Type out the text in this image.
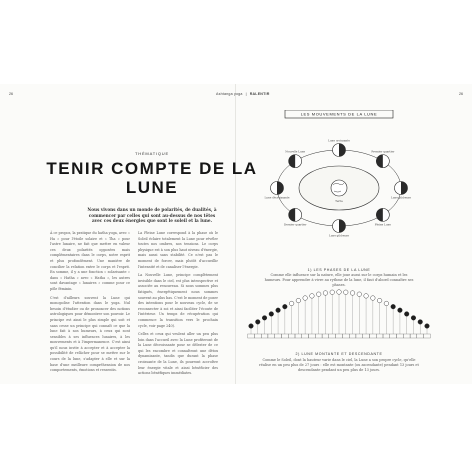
26	Ashtanga yoga | RALENTIR	26
THÉMATIQUE
TENIR COMPTE DE LA LUNE
Nous vivons dans un monde de polarités, de dualités, à commencer par celles qui sont au-dessus de nos têtes avec ces deux énergies que sont le soleil et la lune.

À ce propos, la pratique du hatha yoga, avec « Ha » pour l'étoile solaire et « Tha » pour l'astre lunaire, ne fait que mettre en valeur ces deux polarités opposées mais complémentaires dans le corps, notre esprit et plus profondément. Une manière de concilier la relation entre le corps et l'esprit. En somme, il y a une fonction « solarisante » dans « Hatha » avec « Hatha », les autres sont davantage « lunaires » comme pour ce pôle féminin.

C'est d'ailleurs souvent la Lune qui monopolise l'attention dans le yoga. Nul besoin d'étudier ou de prononcer des notions astrologiques pour démontrer son pouvoir. Le principe est ainsi le plus simple qui soit et sans cesse un principe qui connaît ce que la lune fait à nos humeurs, à ceux qui sont sensibles à ses influences lunaires, à les mouvements et à l'impermanence. C'est ainsi qu'il nous invite à accepter et à accepter la possibilité de relâcher pour se mettre sur le cours de la lune, s'adapter à elle et sur la base d'une meilleure compréhension de nos comportements, émotions et ressentis.

La Pleine Lune correspond à la phase où le Soleil éclaire totalement la Lune pour révéler toutes nos ombres, nos tensions. Le corps physique est à son plus haut niveau d'énergie, mais aussi sans stabilité. Ce n'est pas le moment de forcer, mais plutôt d'accueillir l'intensité et de canaliser l'énergie.

La Nouvelle Lune, principe complètement invisible dans le ciel, est plus introspective et associée au renouveau. Si nous sommes plus fatigués, énergétiquement nous sommes souvent au plus bas. C'est le moment de poser des intentions pour le nouveau cycle, de se reconnecter à soi et ainsi faciliter l'écoute de l'intérieur. Un temps de récupération qui commence la transition vers le prochain cycle, voir page 240).

Celles et ceux qui veulent aller un peu plus loin dans l'accueil avec la Lune profiteront de la Lune décroissante pour se délester de ce qui les encombre et connaîtront une détox dynamisante, tandis que durant la phase croissante de la Lune, ils pourront accroître leur énergie vitale et ainsi bénéficier des actions bénéfiques immédiates.

LES MOUVEMENTS DE LA LUNE
Terre
Lune croissante
Premier quartier
Lune gibbeuse
Pleine Lune
Lune gibbeuse
Dernier quartier
Lune décroissante
Nouvelle Lune
1) LES PHASES DE LA LUNE
Comme elle influence sur la nature, elle joue aussi sur le corps humain et les humeurs. Pour apprendre à vivre au rythme de la lune, il faut d'abord connaître ses phases.
2) LUNE MONTANTE ET DESCENDANTE
Comme le Soleil, dont la hauteur varie dans le ciel, la Lune a son propre cycle, qu'elle réalise en un peu plus de 27 jours : elle est montante (ou ascendante) pendant 13 jours et descendante pendant un peu plus de 13 jours.
